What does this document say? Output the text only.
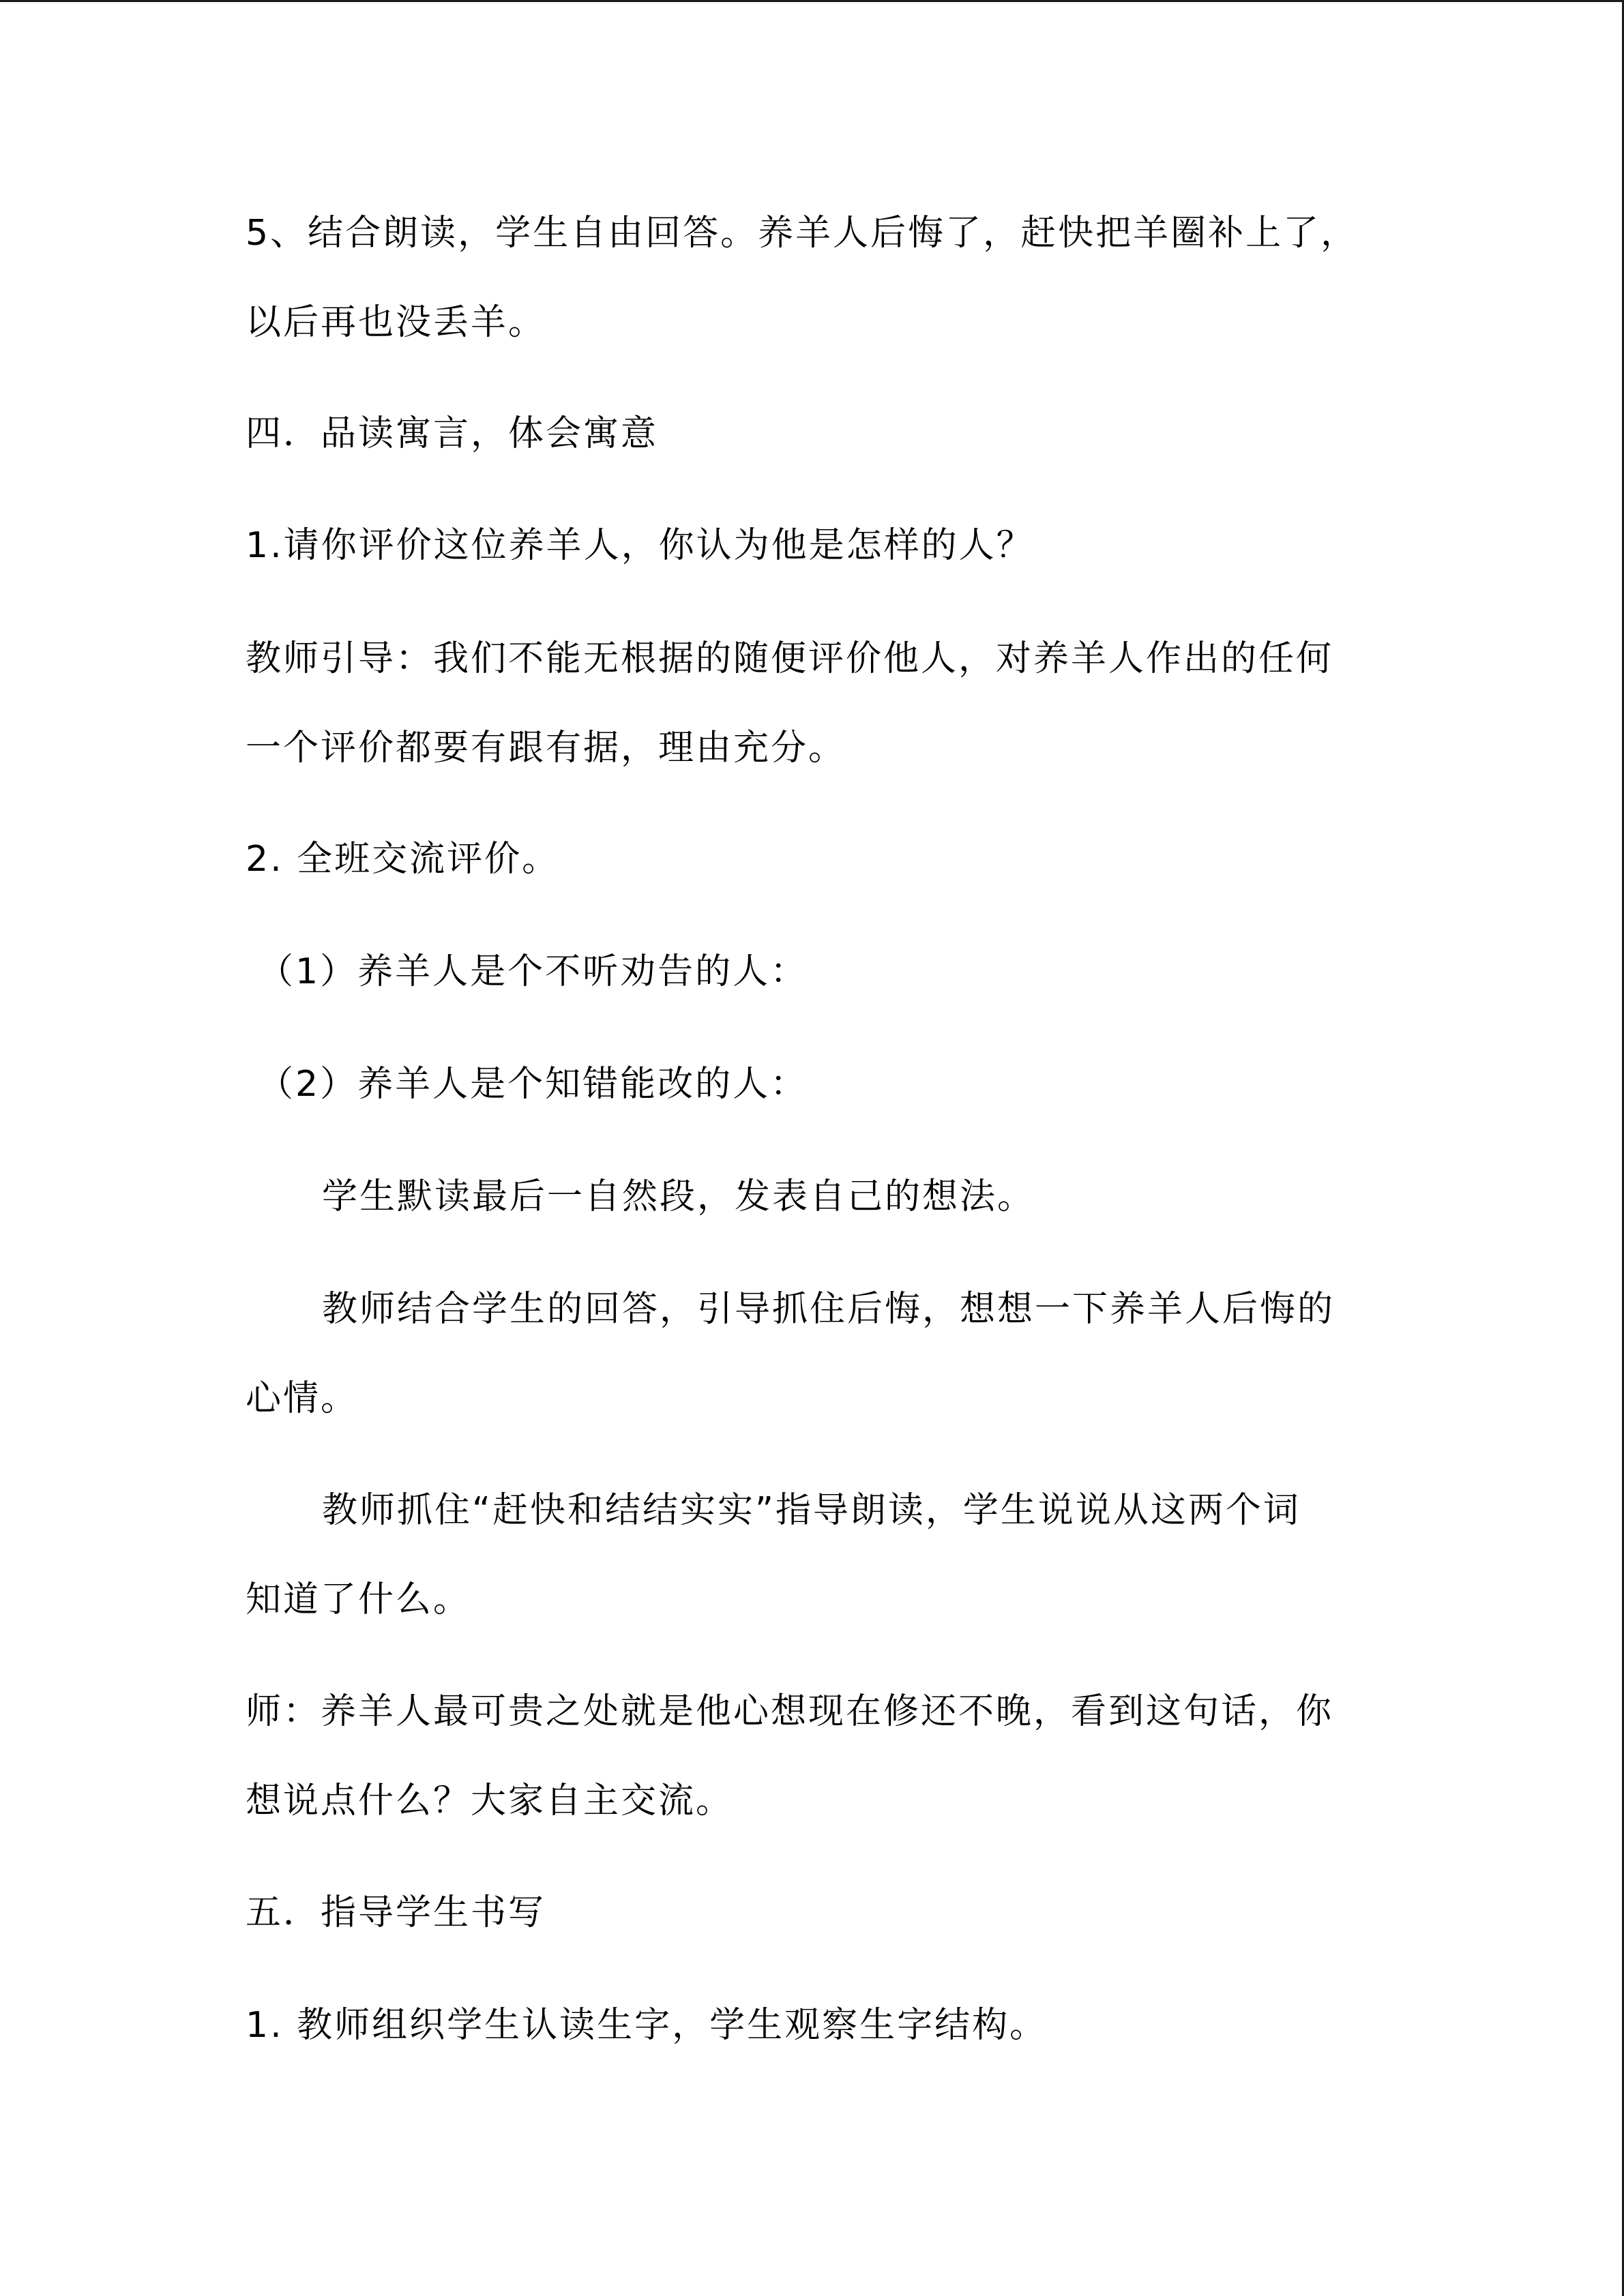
5、结合朗读，学生自由回答。养羊人后悔了，赶快把羊圈补上了，
以后再也没丢羊。
四．品读寓言，体会寓意
1.请你评价这位养羊人，你认为他是怎样的人？
教师引导：我们不能无根据的随便评价他人，对养羊人作出的任何
一个评价都要有跟有据，理由充分。
2. 全班交流评价。
（1）养羊人是个不听劝告的人：
（2）养羊人是个知错能改的人：
学生默读最后一自然段，发表自己的想法。
教师结合学生的回答，引导抓住后悔，想想一下养羊人后悔的
心情。
教师抓住“赶快和结结实实”指导朗读，学生说说从这两个词
知道了什么。
师：养羊人最可贵之处就是他心想现在修还不晚，看到这句话，你
想说点什么？大家自主交流。
五．指导学生书写
1. 教师组织学生认读生字，学生观察生字结构。
